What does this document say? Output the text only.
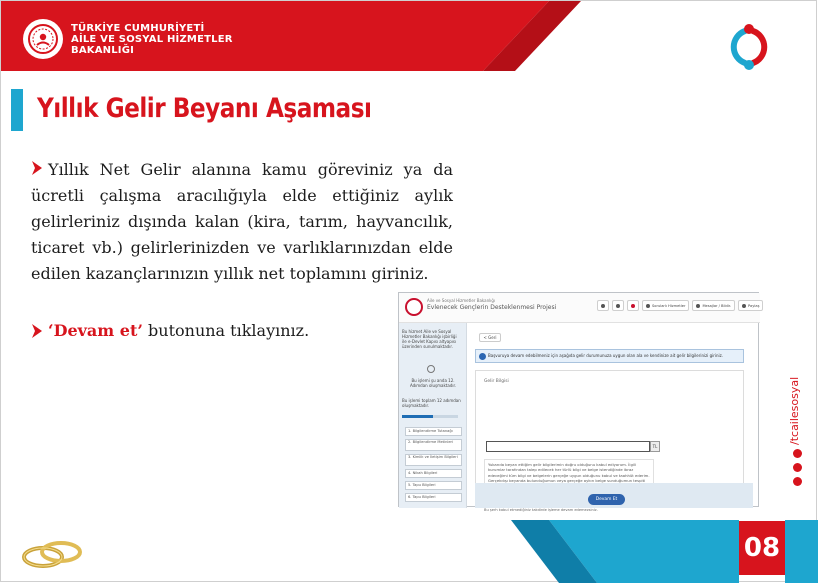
TÜRKİYE CUMHURİYETİ
AİLE VE SOSYAL HİZMETLER
BAKANLIĞI
Yıllık Gelir Beyanı Aşaması
Yıllık Net Gelir alanına kamu göreviniz ya da ücretli çalışma aracılığıyla elde ettiğiniz aylık gelirleriniz dışında kalan (kira, tarım, hayvancılık, ticaret vb.) gelirlerinizden ve varlıklarınızdan elde edilen kazançlarınızın yıllık net toplamını giriniz.
‘Devam et’ butonuna tıklayınız.
Aile ve Sosyal Hizmetler Bakanlığı
Evlenecek Gençlerin Desteklenmesi Projesi	Sorularlı Hizmetler	Mesajlar / Bildir.	Paylaş
Bu hizmet Aile ve Sosyal Hizmetler Bakanlığı işbirliği ile e-Devlet Kapısı altyapısı üzerinden sunulmaktadır.
Bu işlemi şu anda 12. Adımdan oluşmaktadır.
Bu işlemi toplam 12 adımdan oluşmaktadır.
1. Bilgilendirme Tutanağı
2. Bilgilendirme Metinleri
3. Kimlik ve İletişim Bilgileri
4. Nikah Bilgileri
5. Tapu Bilgileri
6. Tapu Bilgileri
< Geri
Başvuruya devam edebilmeniz için aşağıda gelir durumunuza uygun olan ala ve kendinize ait gelir bilgilerinizi giriniz.
Gelir Bilgisi
TL
Yukarıda beyan ettiğim gelir bilgilerimin doğru olduğunu kabul ediyorum. İlgili kurumlar tarafından talep edilecek her türlü bilgi ve belge istendiğinde ibraz edeceğimi tüm bilgi ve belgelerin gerçeğe uygun olduğunu kabul ve taahhüt ederim. Gerçekdışı beyanda bulunduğumun veya gerçeğe aykırı belge sunduğumun tespiti
Bu şerh kabul etmediğiniz takdirde işleme devam edemezsiniz.
Devam Et
/tcailesosyal
08
